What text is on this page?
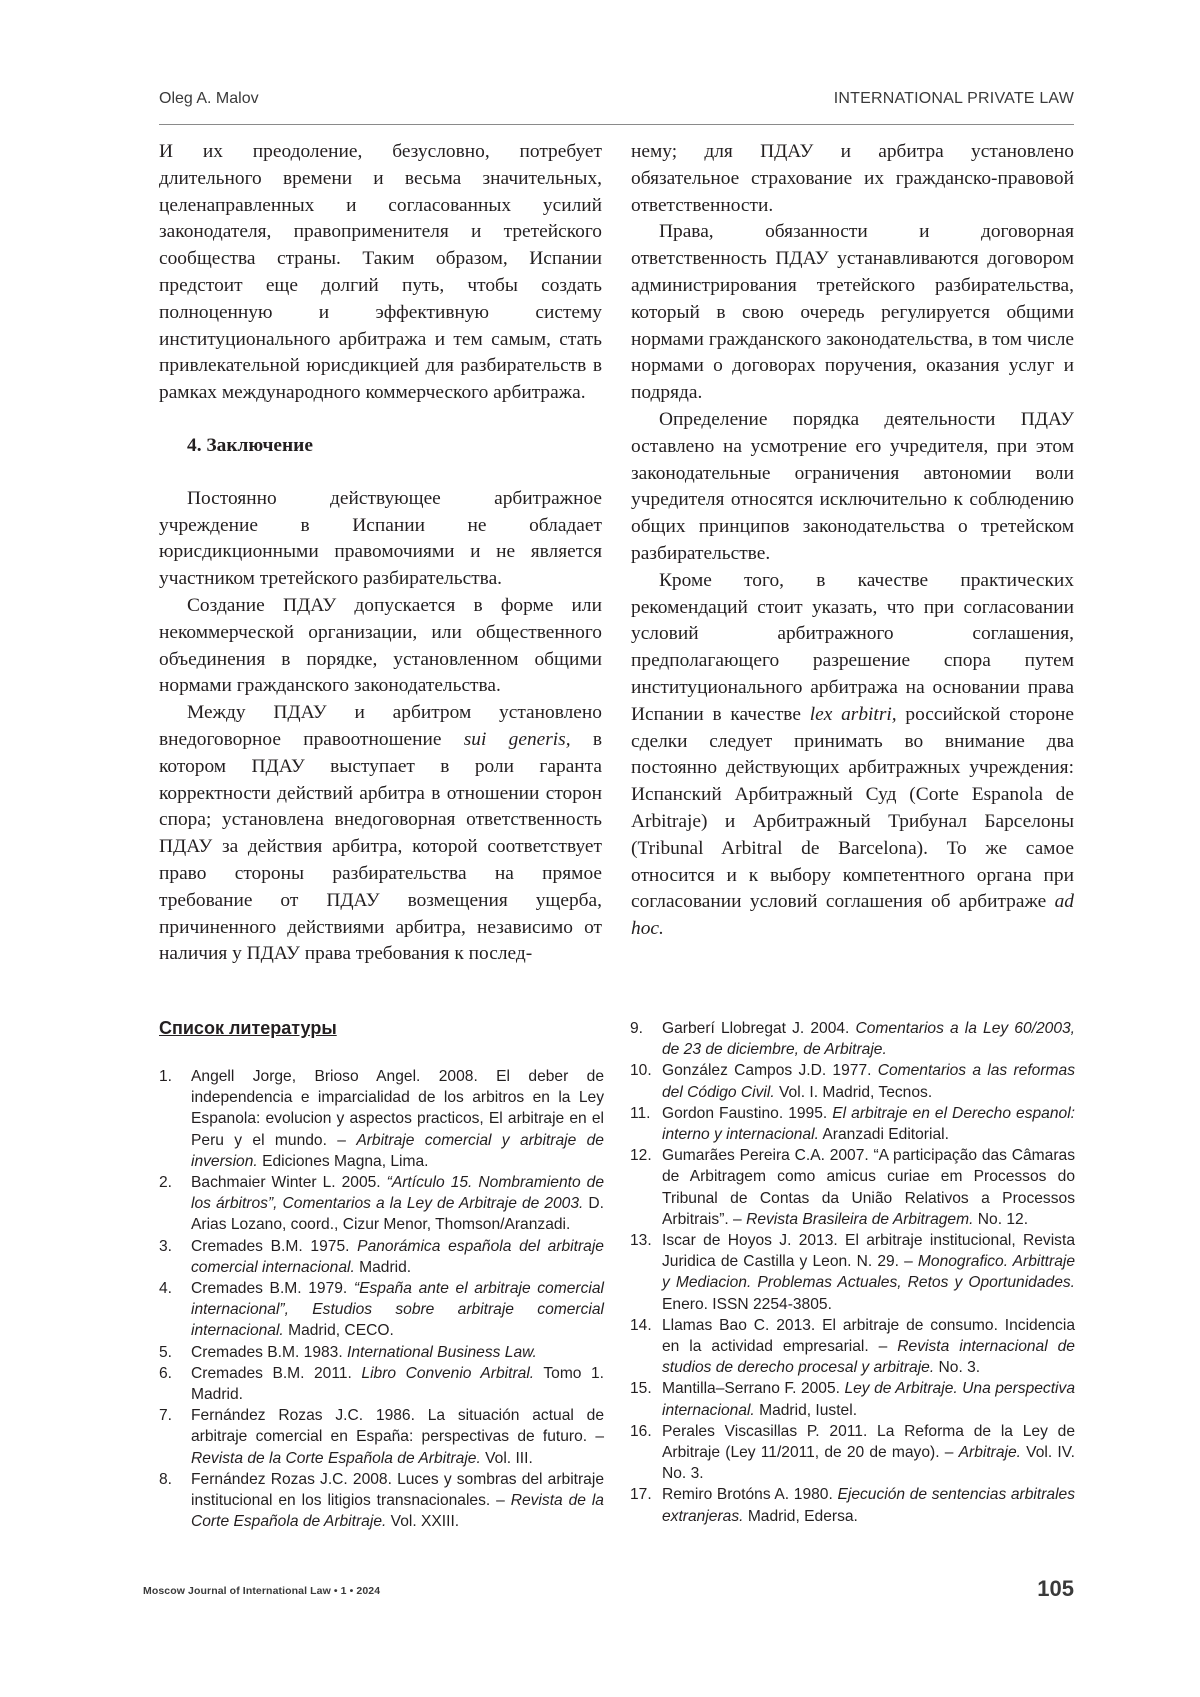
Oleg A. Malov	INTERNATIONAL PRIVATE LAW

И их преодоление, безусловно, потребует длительного времени и весьма значительных, целенаправленных и согласованных усилий законодателя, правоприменителя и третейского сообщества страны. Таким образом, Испании предстоит еще долгий путь, чтобы создать полноценную и эффективную систему институционального арбитража и тем самым, стать привлекательной юрисдикцией для разбирательств в рамках международного коммерческого арбитража.

4. Заключение

Постоянно действующее арбитражное учреждение в Испании не обладает юрисдикционными правомочиями и не является участником третейского разбирательства.

Создание ПДАУ допускается в форме или некоммерческой организации, или общественного объединения в порядке, установленном общими нормами гражданского законодательства.

Между ПДАУ и арбитром установлено внедоговорное правоотношение sui generis, в котором ПДАУ выступает в роли гаранта корректности действий арбитра в отношении сторон спора; установлена внедоговорная ответственность ПДАУ за действия арбитра, которой соответствует право стороны разбирательства на прямое требование от ПДАУ возмещения ущерба, причиненного действиями арбитра, независимо от наличия у ПДАУ права требования к послед-

нему; для ПДАУ и арбитра установлено обязательное страхование их гражданско-правовой ответственности.

Права, обязанности и договорная ответственность ПДАУ устанавливаются договором администрирования третейского разбирательства, который в свою очередь регулируется общими нормами гражданского законодательства, в том числе нормами о договорах поручения, оказания услуг и подряда.

Определение порядка деятельности ПДАУ оставлено на усмотрение его учредителя, при этом законодательные ограничения автономии воли учредителя относятся исключительно к соблюдению общих принципов законодательства о третейском разбирательстве.

Кроме того, в качестве практических рекомендаций стоит указать, что при согласовании условий арбитражного соглашения, предполагающего разрешение спора путем институционального арбитража на основании права Испании в качестве lex arbitri, российской стороне сделки следует принимать во внимание два постоянно действующих арбитражных учреждения: Испанский Арбитражный Суд (Corte Espanola de Arbitraje) и Арбитражный Трибунал Барселоны (Tribunal Arbitral de Barcelona). То же самое относится и к выбору компетентного органа при согласовании условий соглашения об арбитраже ad hoc.

Список литературы
1. Angell Jorge, Brioso Angel. 2008. El deber de independencia e imparcialidad de los arbitros en la Ley Espanola: evolucion y aspectos practicos, El arbitraje en el Peru y el mundo. – Arbitraje comercial y arbitraje de inversion. Ediciones Magna, Lima.
2. Bachmaier Winter L. 2005. “Artículo 15. Nombramiento de los árbitros”, Comentarios a la Ley de Arbitraje de 2003. D. Arias Lozano, coord., Cizur Menor, Thomson/Aranzadi.
3. Cremades B.M. 1975. Panorámica española del arbitraje comercial internacional. Madrid.
4. Cremades B.M. 1979. “España ante el arbitraje comercial internacional”, Estudios sobre arbitraje comercial internacional. Madrid, CECO.
5. Cremades B.M. 1983. International Business Law.
6. Cremades B.M. 2011. Libro Convenio Arbitral. Tomo 1. Madrid.
7. Fernández Rozas J.C. 1986. La situación actual de arbitraje comercial en España: perspectivas de futuro. – Revista de la Corte Española de Arbitraje. Vol. III.
8. Fernández Rozas J.C. 2008. Luces y sombras del arbitraje institucional en los litigios transnacionales. – Revista de la Corte Española de Arbitraje. Vol. XXIII.
9. Garberí Llobregat J. 2004. Comentarios a la Ley 60/2003, de 23 de diciembre, de Arbitraje.
10. González Campos J.D. 1977. Comentarios a las reformas del Código Civil. Vol. I. Madrid, Tecnos.
11. Gordon Faustino. 1995. El arbitraje en el Derecho espanol: interno y internacional. Aranzadi Editorial.
12. Gumarães Pereira C.A. 2007. “A participação das Câmaras de Arbitragem como amicus curiae em Processos do Tribunal de Contas da União Relativos a Processos Arbitrais”. – Revista Brasileira de Arbitragem. No. 12.
13. Iscar de Hoyos J. 2013. El arbitraje institucional, Revista Juridica de Castilla y Leon. N. 29. – Monografico. Arbittraje y Mediacion. Problemas Actuales, Retos y Oportunidades. Enero. ISSN 2254-3805.
14. Llamas Bao C. 2013. El arbitraje de consumo. Incidencia en la actividad empresarial. – Revista internacional de studios de derecho procesal y arbitraje. No. 3.
15. Mantilla–Serrano F. 2005. Ley de Arbitraje. Una perspectiva internacional. Madrid, Iustel.
16. Perales Viscasillas P. 2011. La Reforma de la Ley de Arbitraje (Ley 11/2011, de 20 de mayo). – Arbitraje. Vol. IV. No. 3.
17. Remiro Brotóns A. 1980. Ejecución de sentencias arbitrales extranjeras. Madrid, Edersa.
Moscow Journal of International Law • 1 • 2024	105
